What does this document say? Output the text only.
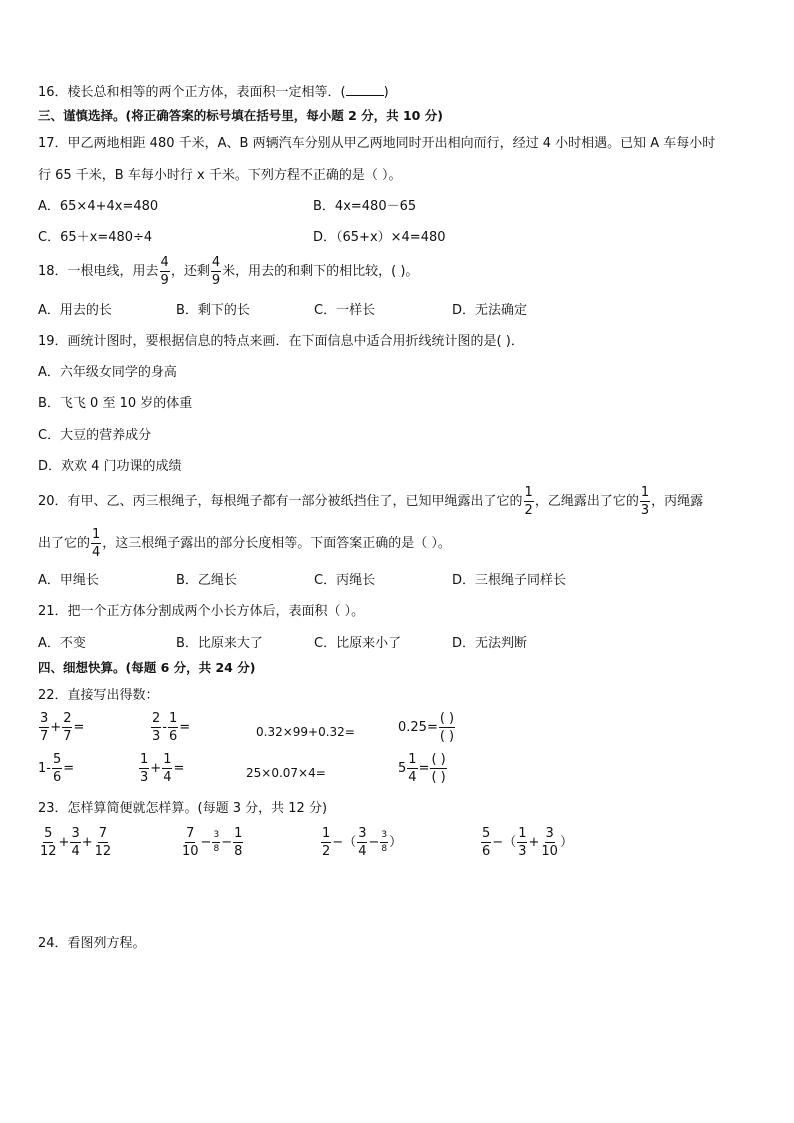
16．棱长总和相等的两个正方体，表面积一定相等．(	)
三、谨慎选择。(将正确答案的标号填在括号里，每小题 2 分，共 10 分)
17．甲乙两地相距 480 千米，A、B 两辆汽车分别从甲乙两地同时开出相向而行，经过 4 小时相遇。已知 A 车每小时
行 65 千米，B 车每小时行 x 千米。下列方程不正确的是（ ）。
A．65×4+4x=480	B．4x=480－65
C．65＋x=480÷4	D．（65+x）×4=480
18．一根电线，用去 $\frac{4}{9}$ ，还剩 $\frac{4}{9}$ 米，用去的和剩下的相比较，( )。
A．用去的长	B．剩下的长	C．一样长	D．无法确定
19．画统计图时，要根据信息的特点来画．在下面信息中适合用折线统计图的是( )．
A．六年级女同学的身高
B．飞飞 0 至 10 岁的体重
C．大豆的营养成分
D．欢欢 4 门功课的成绩
20．有甲、乙、丙三根绳子，每根绳子都有一部分被纸挡住了，已知甲绳露出了它的 $\frac{1}{2}$ ，乙绳露出了它的 $\frac{1}{3}$ ，丙绳露
出了它的 $\frac{1}{4}$ ，这三根绳子露出的部分长度相等。下面答案正确的是（ ）。
A．甲绳长	B．乙绳长	C．丙绳长	D．三根绳子同样长
21．把一个正方体分割成两个小长方体后，表面积（ ）。
A．不变	B．比原来大了	C．比原来小了	D．无法判断
四、细想快算。(每题 6 分，共 24 分)
22．直接写出得数：
$\frac{3}{7} + \frac{2}{7}$ =	$\frac{2}{3} - \frac{1}{6}$ =	0.32×99+0.32=	$0.25= \frac{( )}{( )}$
$1- \frac{5}{6}$ =	$\frac{1}{3} + \frac{1}{4}$ =	25×0.07×4=	$5 \frac{1}{4} = \frac{( )}{( )}$
23．怎样算简便就怎样算。(每题 3 分，共 12 分)
$\frac{5}{12} + \frac{3}{4} + \frac{7}{12}$	$\frac{7}{10} - \frac{3}{8} - \frac{1}{8}$	$\frac{1}{2}$ − （ $\frac{3}{4} - \frac{3}{8}$ ）	$\frac{5}{6}$ − （ $\frac{1}{3} + \frac{3}{10}$ ）
24．看图列方程。
